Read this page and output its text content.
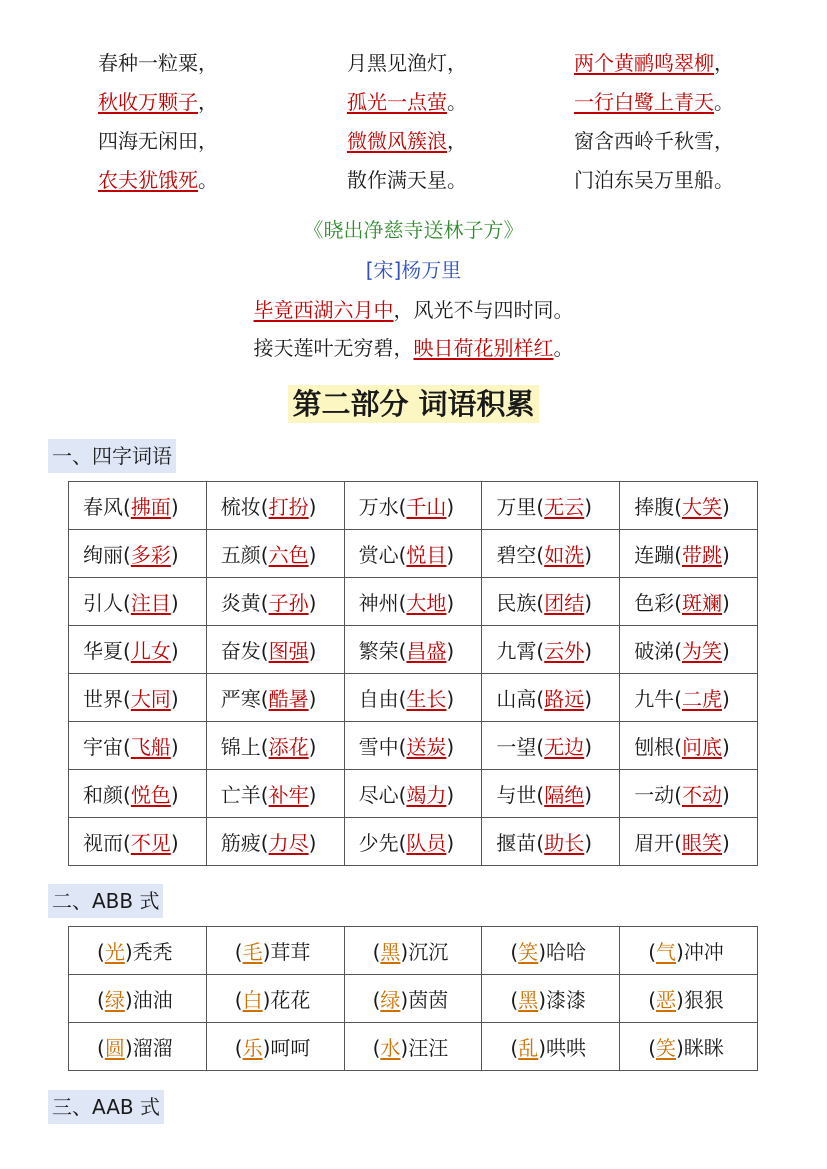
春种一粒粟，
秋收万颗子，
四海无闲田，
农夫犹饿死。
月黑见渔灯，
孤光一点萤。
微微风簇浪，
散作满天星。
两个黄鹂鸣翠柳，
一行白鹭上青天。
窗含西岭千秋雪，
门泊东吴万里船。
《晓出净慈寺送林子方》
[宋]杨万里
毕竟西湖六月中，风光不与四时同。
接天莲叶无穷碧，映日荷花别样红。
第二部分 词语积累
一、四字词语
春风(拂面)	梳妆(打扮)	万水(千山)	万里(无云)	捧腹(大笑)
绚丽(多彩)	五颜(六色)	赏心(悦目)	碧空(如洗)	连蹦(带跳)
引人(注目)	炎黄(子孙)	神州(大地)	民族(团结)	色彩(斑斓)
华夏(儿女)	奋发(图强)	繁荣(昌盛)	九霄(云外)	破涕(为笑)
世界(大同)	严寒(酷暑)	自由(生长)	山高(路远)	九牛(二虎)
宇宙(飞船)	锦上(添花)	雪中(送炭)	一望(无边)	刨根(问底)
和颜(悦色)	亡羊(补牢)	尽心(竭力)	与世(隔绝)	一动(不动)
视而(不见)	筋疲(力尽)	少先(队员)	揠苗(助长)	眉开(眼笑)
二、ABB 式
(光)秃秃	(毛)茸茸	(黑)沉沉	(笑)哈哈	(气)冲冲
(绿)油油	(白)花花	(绿)茵茵	(黑)漆漆	(恶)狠狠
(圆)溜溜	(乐)呵呵	(水)汪汪	(乱)哄哄	(笑)眯眯
三、AAB 式
